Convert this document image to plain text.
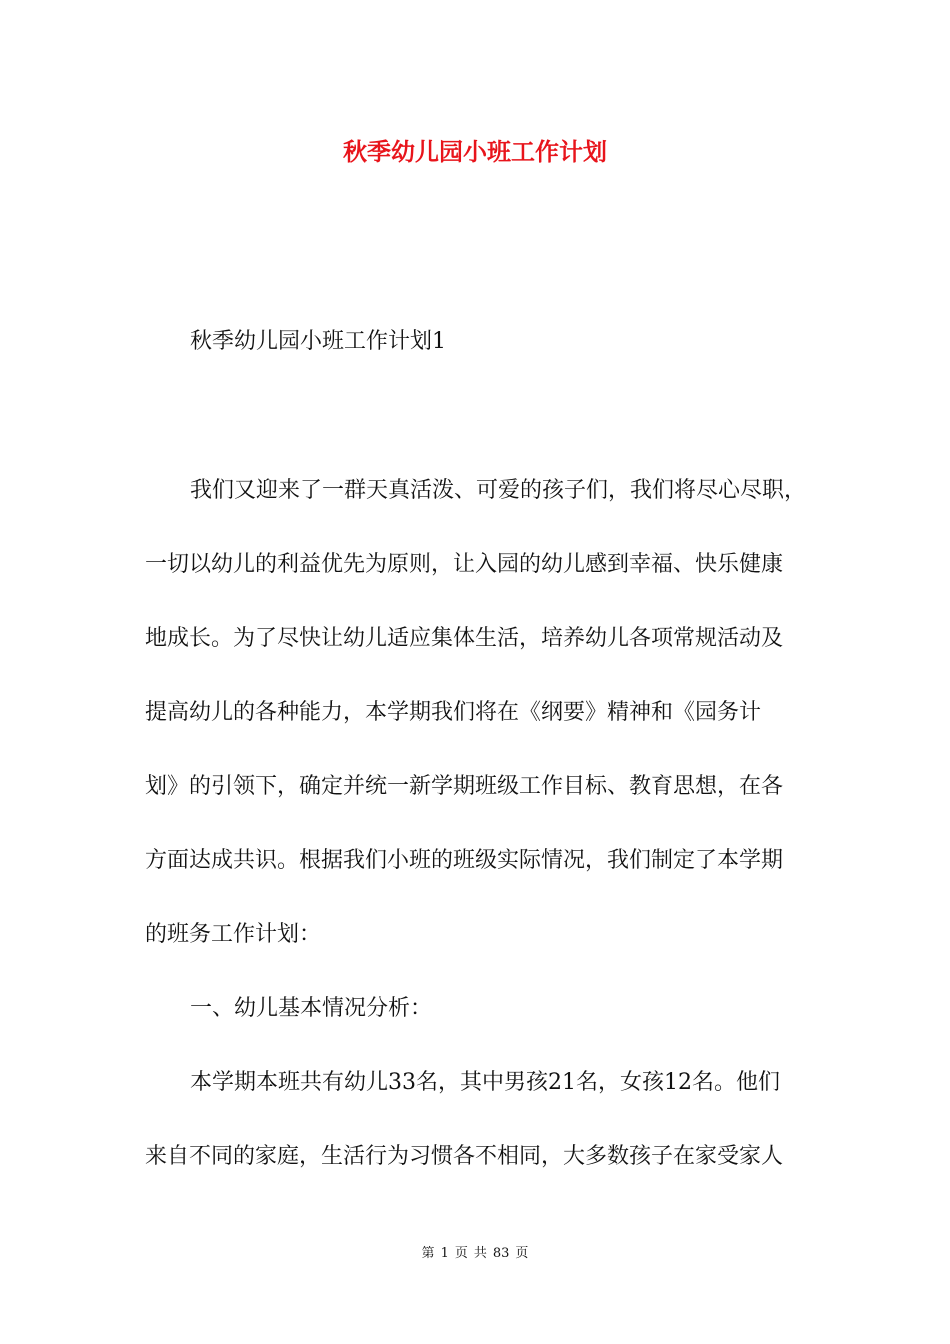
秋季幼儿园小班工作计划
秋季幼儿园小班工作计划1

我们又迎来了一群天真活泼、可爱的孩子们，我们将尽心尽职，

一切以幼儿的利益优先为原则，让入园的幼儿感到幸福、快乐健康

地成长。为了尽快让幼儿适应集体生活，培养幼儿各项常规活动及

提高幼儿的各种能力，本学期我们将在《纲要》精神和《园务计

划》的引领下，确定并统一新学期班级工作目标、教育思想，在各

方面达成共识。根据我们小班的班级实际情况，我们制定了本学期

的班务工作计划：

一、幼儿基本情况分析：

本学期本班共有幼儿33名，其中男孩21名，女孩12名。他们

来自不同的家庭，生活行为习惯各不相同，大多数孩子在家受家人

第 1 页 共 83 页
